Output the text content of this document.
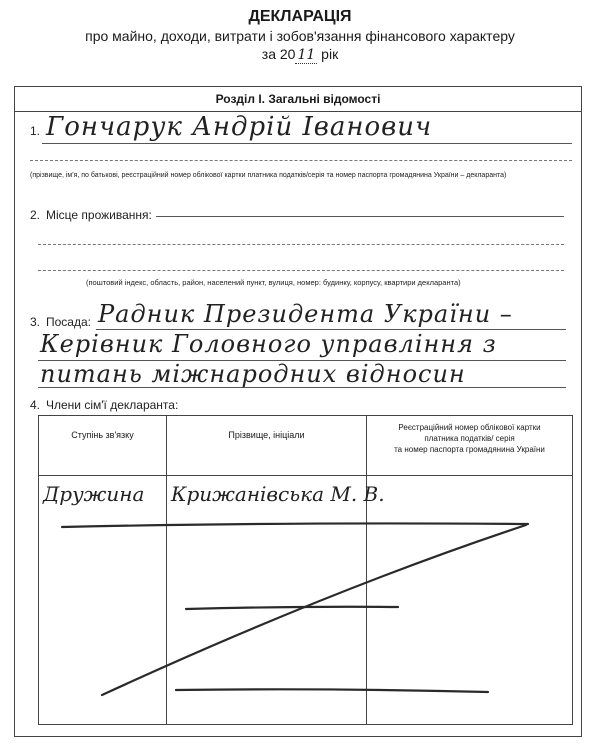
ДЕКЛАРАЦІЯ
про майно, доходи, витрати і зобов'язання фінансового характеру
за 20 11 рік
Розділ І. Загальні відомості
1. Гончарук Андрій Іванович
(прізвище, ім'я, по батькові, реєстраційний номер облікової картки платника податків/серія та номер паспорта громадянина України – декларанта)
2. Місце проживання:
(поштовий індекс, область, район, населений пункт, вулиця, номер: будинку, корпусу, квартири декларанта)
3. Посада: Радник Президента України –
Керівник Головного управління з
питань міжнародних відносин
4. Члени сім'ї декларанта:
Ступінь зв'язку	Прізвище, ініціали	Реєстраційний номер облікової картки
платника податків/ серія
та номер паспорта громадянина України

Дружина	Крижанівська М. В.	
